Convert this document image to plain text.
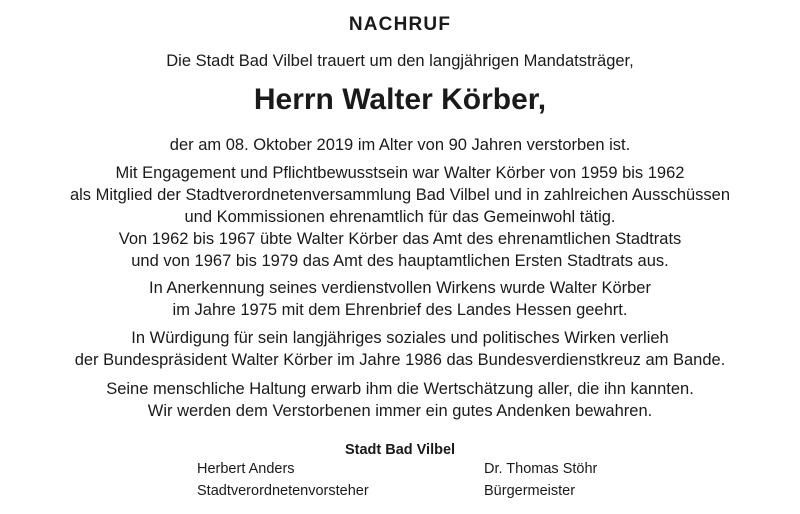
NACHRUF
Die Stadt Bad Vilbel trauert um den langjährigen Mandatsträger,
Herrn Walter Körber,
der am 08. Oktober 2019 im Alter von 90 Jahren verstorben ist.
Mit Engagement und Pflichtbewusstsein war Walter Körber von 1959 bis 1962
als Mitglied der Stadtverordnetenversammlung Bad Vilbel und in zahlreichen Ausschüssen
und Kommissionen ehrenamtlich für das Gemeinwohl tätig.
Von 1962 bis 1967 übte Walter Körber das Amt des ehrenamtlichen Stadtrats
und von 1967 bis 1979 das Amt des hauptamtlichen Ersten Stadtrats aus.
In Anerkennung seines verdienstvollen Wirkens wurde Walter Körber
im Jahre 1975 mit dem Ehrenbrief des Landes Hessen geehrt.
In Würdigung für sein langjähriges soziales und politisches Wirken verlieh
der Bundespräsident Walter Körber im Jahre 1986 das Bundesverdienstkreuz am Bande.
Seine menschliche Haltung erwarb ihm die Wertschätzung aller, die ihn kannten.
Wir werden dem Verstorbenen immer ein gutes Andenken bewahren.
Stadt Bad Vilbel
Herbert Anders
Stadtverordnetenvorsteher
Dr. Thomas Stöhr
Bürgermeister
